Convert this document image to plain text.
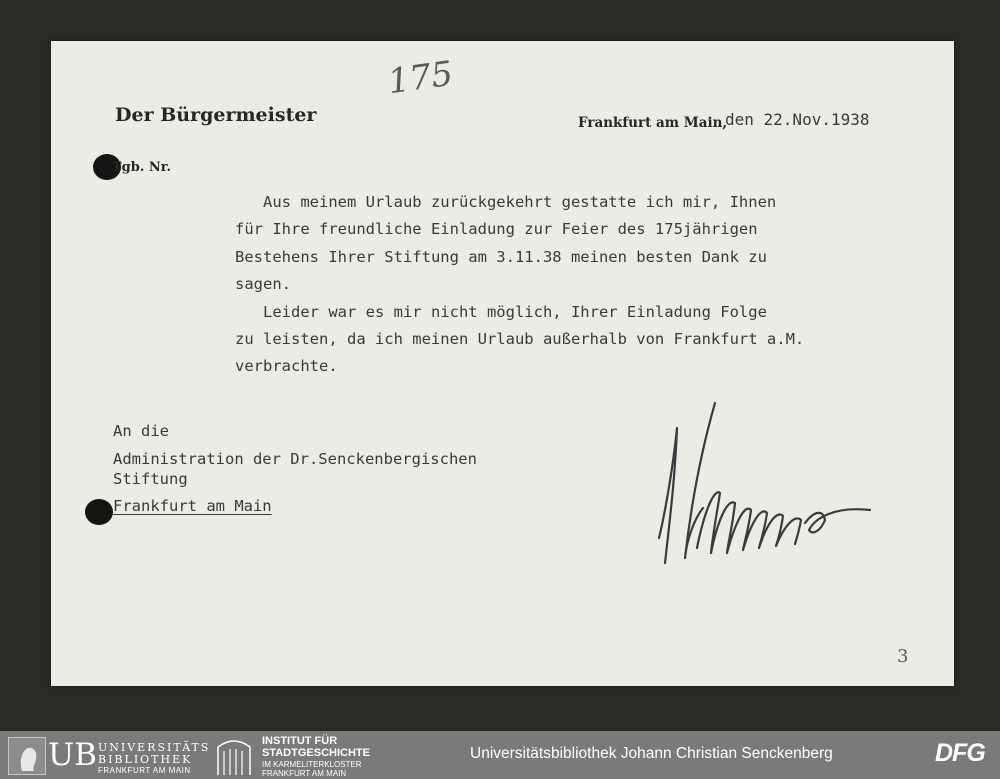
175
Der Bürgermeister	Frankfurt am Main,
den 22.Nov.1938
Tgb. Nr.
Aus meinem Urlaub zurückgekehrt gestatte ich mir, Ihnen
für Ihre freundliche Einladung zur Feier des 175jährigen
Bestehens Ihrer Stiftung am 3.11.38 meinen besten Dank zu
sagen.
Leider war es mir nicht möglich, Ihrer Einladung Folge
zu leisten, da ich meinen Urlaub außerhalb von Frankfurt a.M.
verbrachte.
An die
Administration der Dr.Senckenbergischen
Stiftung
Frankfurt am Main
3
UB UNIVERSITÄTS
BIBLIOTHEK
FRANKFURT AM MAIN
INSTITUT FÜR
STADTGESCHICHTE
IM KARMELITERKLOSTER
FRANKFURT AM MAIN
Universitätsbibliothek Johann Christian Senckenberg	DFG
